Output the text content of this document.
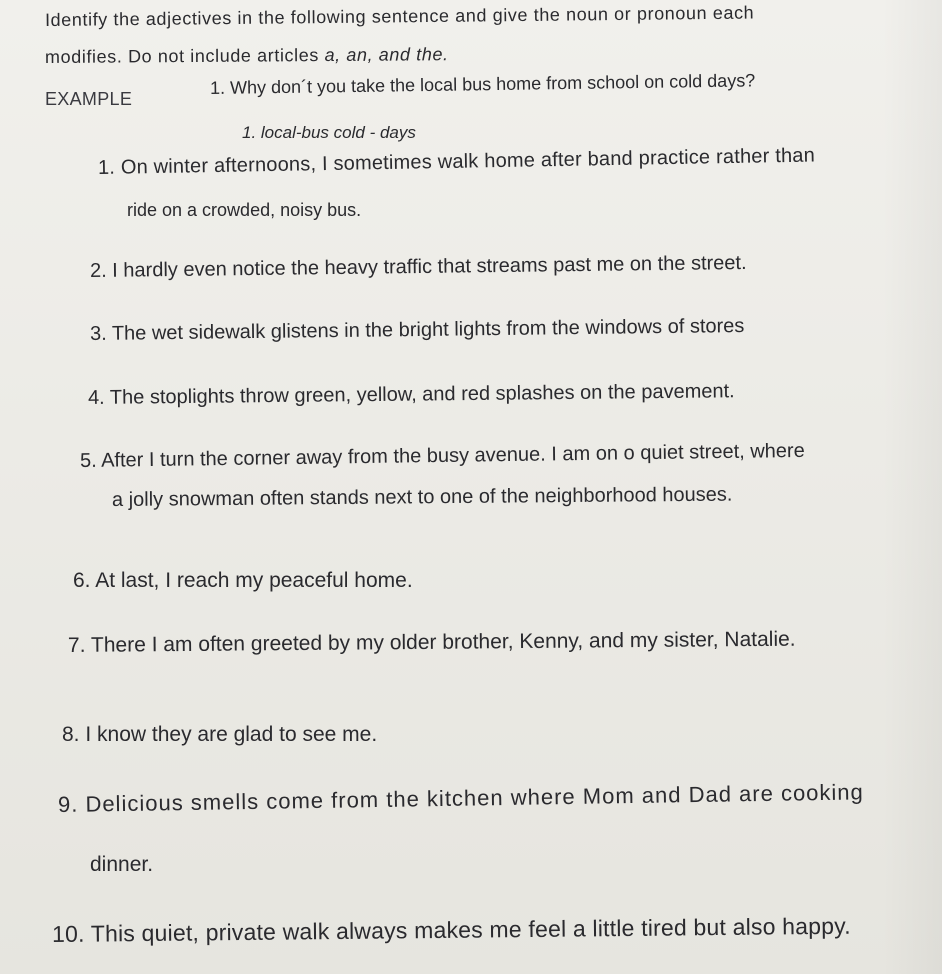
Identify the adjectives in the following sentence and give the noun or pronoun each
modifies. Do not include articles a, an, and the.
EXAMPLE
1. Why don´t you take the local bus home from school on cold days?
1. local-bus cold - days
1. On winter afternoons, I sometimes walk home after band practice rather than
ride on a crowded, noisy bus.
2. I hardly even notice the heavy traffic that streams past me on the street.
3. The wet sidewalk glistens in the bright lights from the windows of stores
4. The stoplights throw green, yellow, and red splashes on the pavement.
5. After I turn the corner away from the busy avenue. I am on o quiet street, where
a jolly snowman often stands next to one of the neighborhood houses.
6. At last, I reach my peaceful home.
7. There I am often greeted by my older brother, Kenny, and my sister, Natalie.
8. I know they are glad to see me.
9. Delicious smells come from the kitchen where Mom and Dad are cooking
dinner.
10. This quiet, private walk always makes me feel a little tired but also happy.
